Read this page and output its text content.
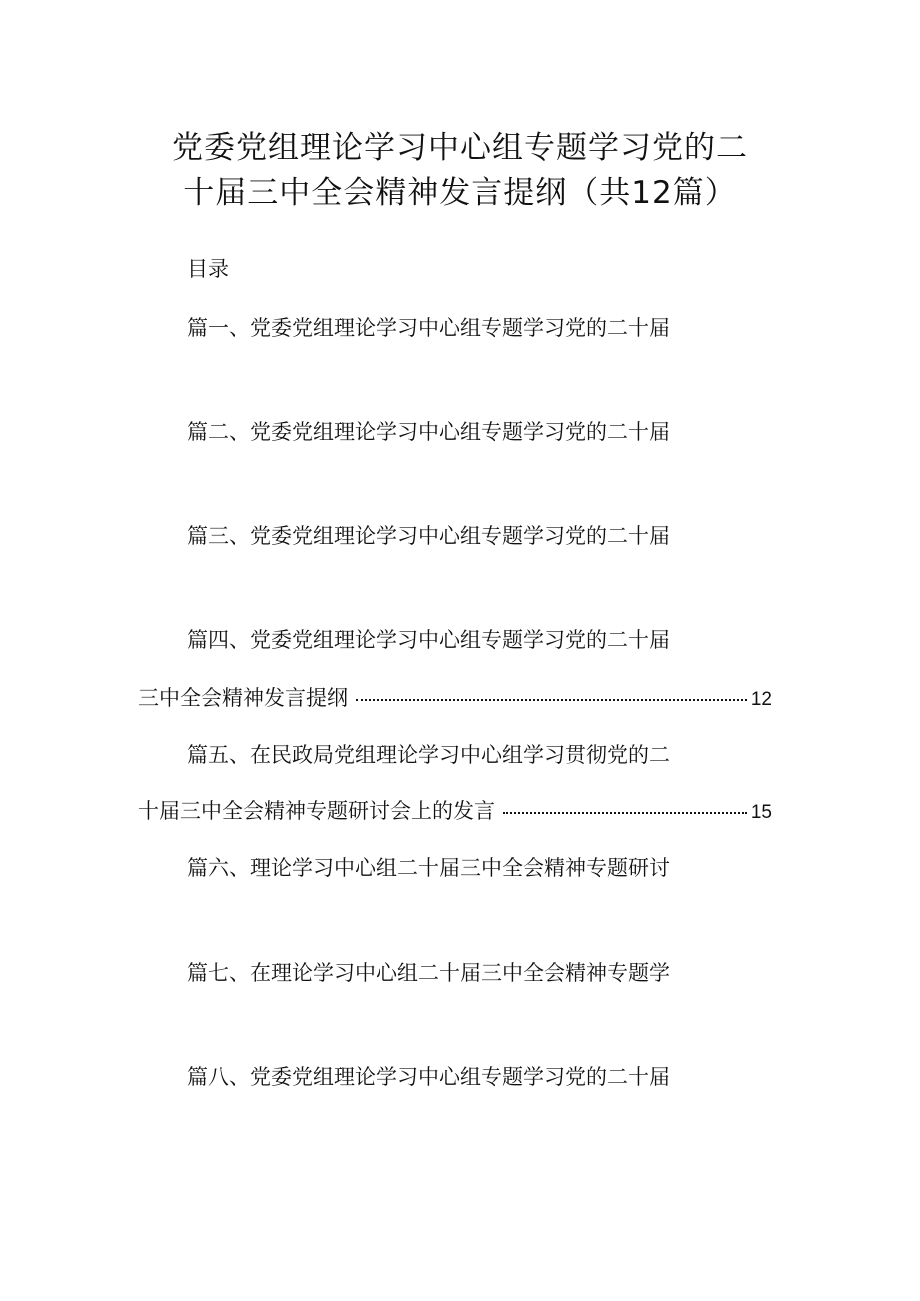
党委党组理论学习中心组专题学习党的二
十届三中全会精神发言提纲（共12篇）
目录
篇一、党委党组理论学习中心组专题学习党的二十届
篇二、党委党组理论学习中心组专题学习党的二十届
篇三、党委党组理论学习中心组专题学习党的二十届
篇四、党委党组理论学习中心组专题学习党的二十届
三中全会精神发言提纲	12
篇五、在民政局党组理论学习中心组学习贯彻党的二
十届三中全会精神专题研讨会上的发言	15
篇六、理论学习中心组二十届三中全会精神专题研讨
篇七、在理论学习中心组二十届三中全会精神专题学
篇八、党委党组理论学习中心组专题学习党的二十届
